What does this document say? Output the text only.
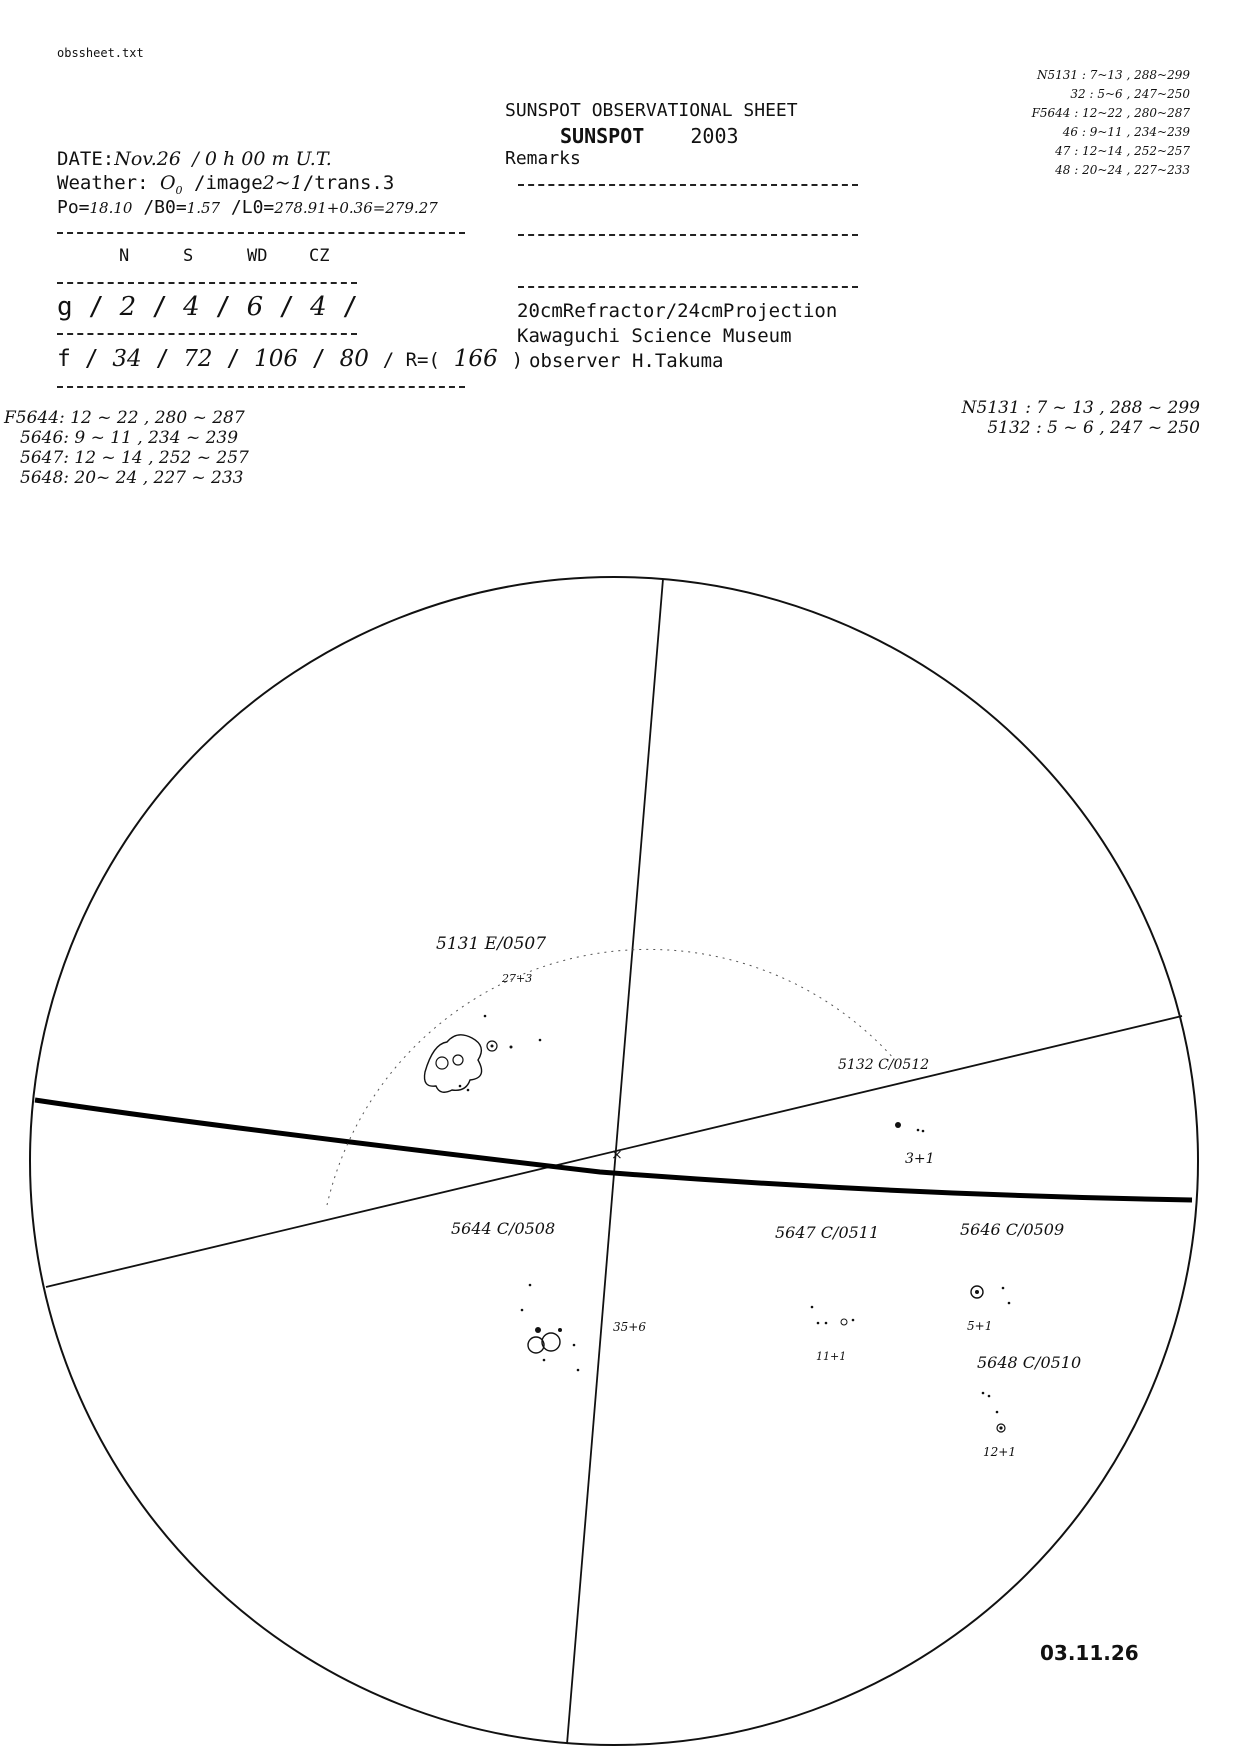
obssheet.txt
SUNSPOT OBSERVATIONAL SHEET
SUNSPOT 2003
Remarks
DATE:Nov.26 / 0 h 00 m U.T.
Weather: $O_0$ /image2~1/trans.3
Po=18.10 /B0=1.57 /L0=278.91+0.36=279.27
N	S	WD CZ
g / 2 / 4 / 6 / 4 /
f / 34 / 72 / 106 / 80 / R=( 166 )
20cmRefractor/24cmProjection
Kawaguchi Science Museum
observer H.Takuma
N5131 : 7~13 , 288~299
32 : 5~6 , 247~250
F5644 : 12~22 , 280~287
46 : 9~11 , 234~239
47 : 12~14 , 252~257
48 : 20~24 , 227~233
F5644: 12 ~ 22 , 280 ~ 287
5646: 9 ~ 11 , 234 ~ 239
5647: 12 ~ 14 , 252 ~ 257
5648: 20~ 24 , 227 ~ 233
N5131 : 7 ~ 13 , 288 ~ 299
5132 : 5 ~ 6 , 247 ~ 250
×
5131 E/0507
27+3
5132 C/0512
3+1
5644 C/0508
35+6
5647 C/0511
11+1
5646 C/0509
5+1
5648 C/0510
12+1
03.11.26
